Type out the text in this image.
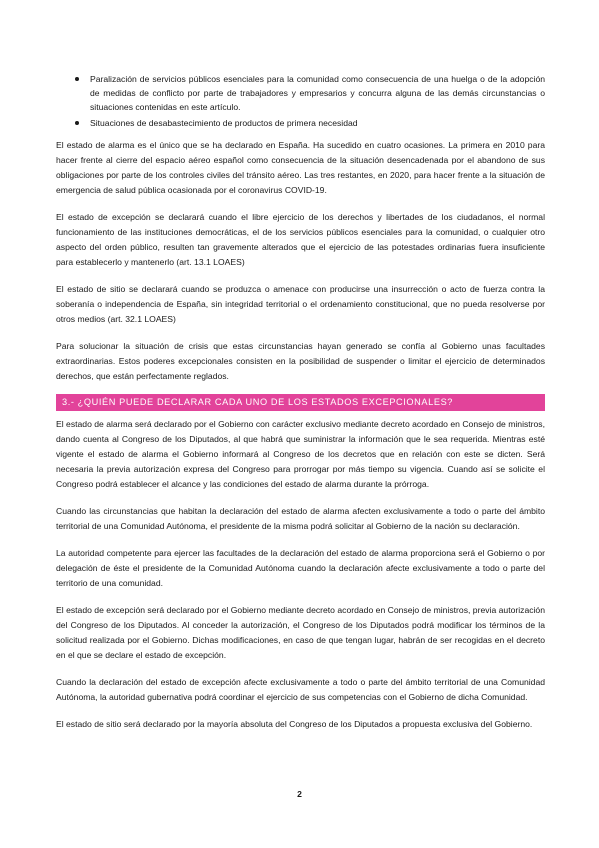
Paralización de servicios públicos esenciales para la comunidad como consecuencia de una huelga o de la adopción de medidas de conflicto por parte de trabajadores y empresarios y concurra alguna de las demás circunstancias o situaciones contenidas en este artículo.
Situaciones de desabastecimiento de productos de primera necesidad

El estado de alarma es el único que se ha declarado en España. Ha sucedido en cuatro ocasiones. La primera en 2010 para hacer frente al cierre del espacio aéreo español como consecuencia de la situación desencadenada por el abandono de sus obligaciones por parte de los controles civiles del tránsito aéreo. Las tres restantes, en 2020, para hacer frente a la situación de emergencia de salud pública ocasionada por el coronavirus COVID-19.

El estado de excepción se declarará cuando el libre ejercicio de los derechos y libertades de los ciudadanos, el normal funcionamiento de las instituciones democráticas, el de los servicios públicos esenciales para la comunidad, o cualquier otro aspecto del orden público, resulten tan gravemente alterados que el ejercicio de las potestades ordinarias fuera insuficiente para establecerlo y mantenerlo (art. 13.1 LOAES)

El estado de sitio se declarará cuando se produzca o amenace con producirse una insurrección o acto de fuerza contra la soberanía o independencia de España, sin integridad territorial o el ordenamiento constitucional, que no pueda resolverse por otros medios (art. 32.1 LOAES)

Para solucionar la situación de crisis que estas circunstancias hayan generado se confía al Gobierno unas facultades extraordinarias. Estos poderes excepcionales consisten en la posibilidad de suspender o limitar el ejercicio de determinados derechos, que están perfectamente reglados.

3.- ¿QUIÉN PUEDE DECLARAR CADA UNO DE LOS ESTADOS EXCEPCIONALES?

El estado de alarma será declarado por el Gobierno con carácter exclusivo mediante decreto acordado en Consejo de ministros, dando cuenta al Congreso de los Diputados, al que habrá que suministrar la información que le sea requerida. Mientras esté vigente el estado de alarma el Gobierno informará al Congreso de los decretos que en relación con este se dicten. Será necesaria la previa autorización expresa del Congreso para prorrogar por más tiempo su vigencia. Cuando así se solicite el Congreso podrá establecer el alcance y las condiciones del estado de alarma durante la prórroga.

Cuando las circunstancias que habitan la declaración del estado de alarma afecten exclusivamente a todo o parte del ámbito territorial de una Comunidad Autónoma, el presidente de la misma podrá solicitar al Gobierno de la nación su declaración.

La autoridad competente para ejercer las facultades de la declaración del estado de alarma proporciona será el Gobierno o por delegación de éste el presidente de la Comunidad Autónoma cuando la declaración afecte exclusivamente a todo o parte del territorio de una comunidad.

El estado de excepción será declarado por el Gobierno mediante decreto acordado en Consejo de ministros, previa autorización del Congreso de los Diputados. Al conceder la autorización, el Congreso de los Diputados podrá modificar los términos de la solicitud realizada por el Gobierno. Dichas modificaciones, en caso de que tengan lugar, habrán de ser recogidas en el decreto en el que se declare el estado de excepción.

Cuando la declaración del estado de excepción afecte exclusivamente a todo o parte del ámbito territorial de una Comunidad Autónoma, la autoridad gubernativa podrá coordinar el ejercicio de sus competencias con el Gobierno de dicha Comunidad.

El estado de sitio será declarado por la mayoría absoluta del Congreso de los Diputados a propuesta exclusiva del Gobierno.

2
